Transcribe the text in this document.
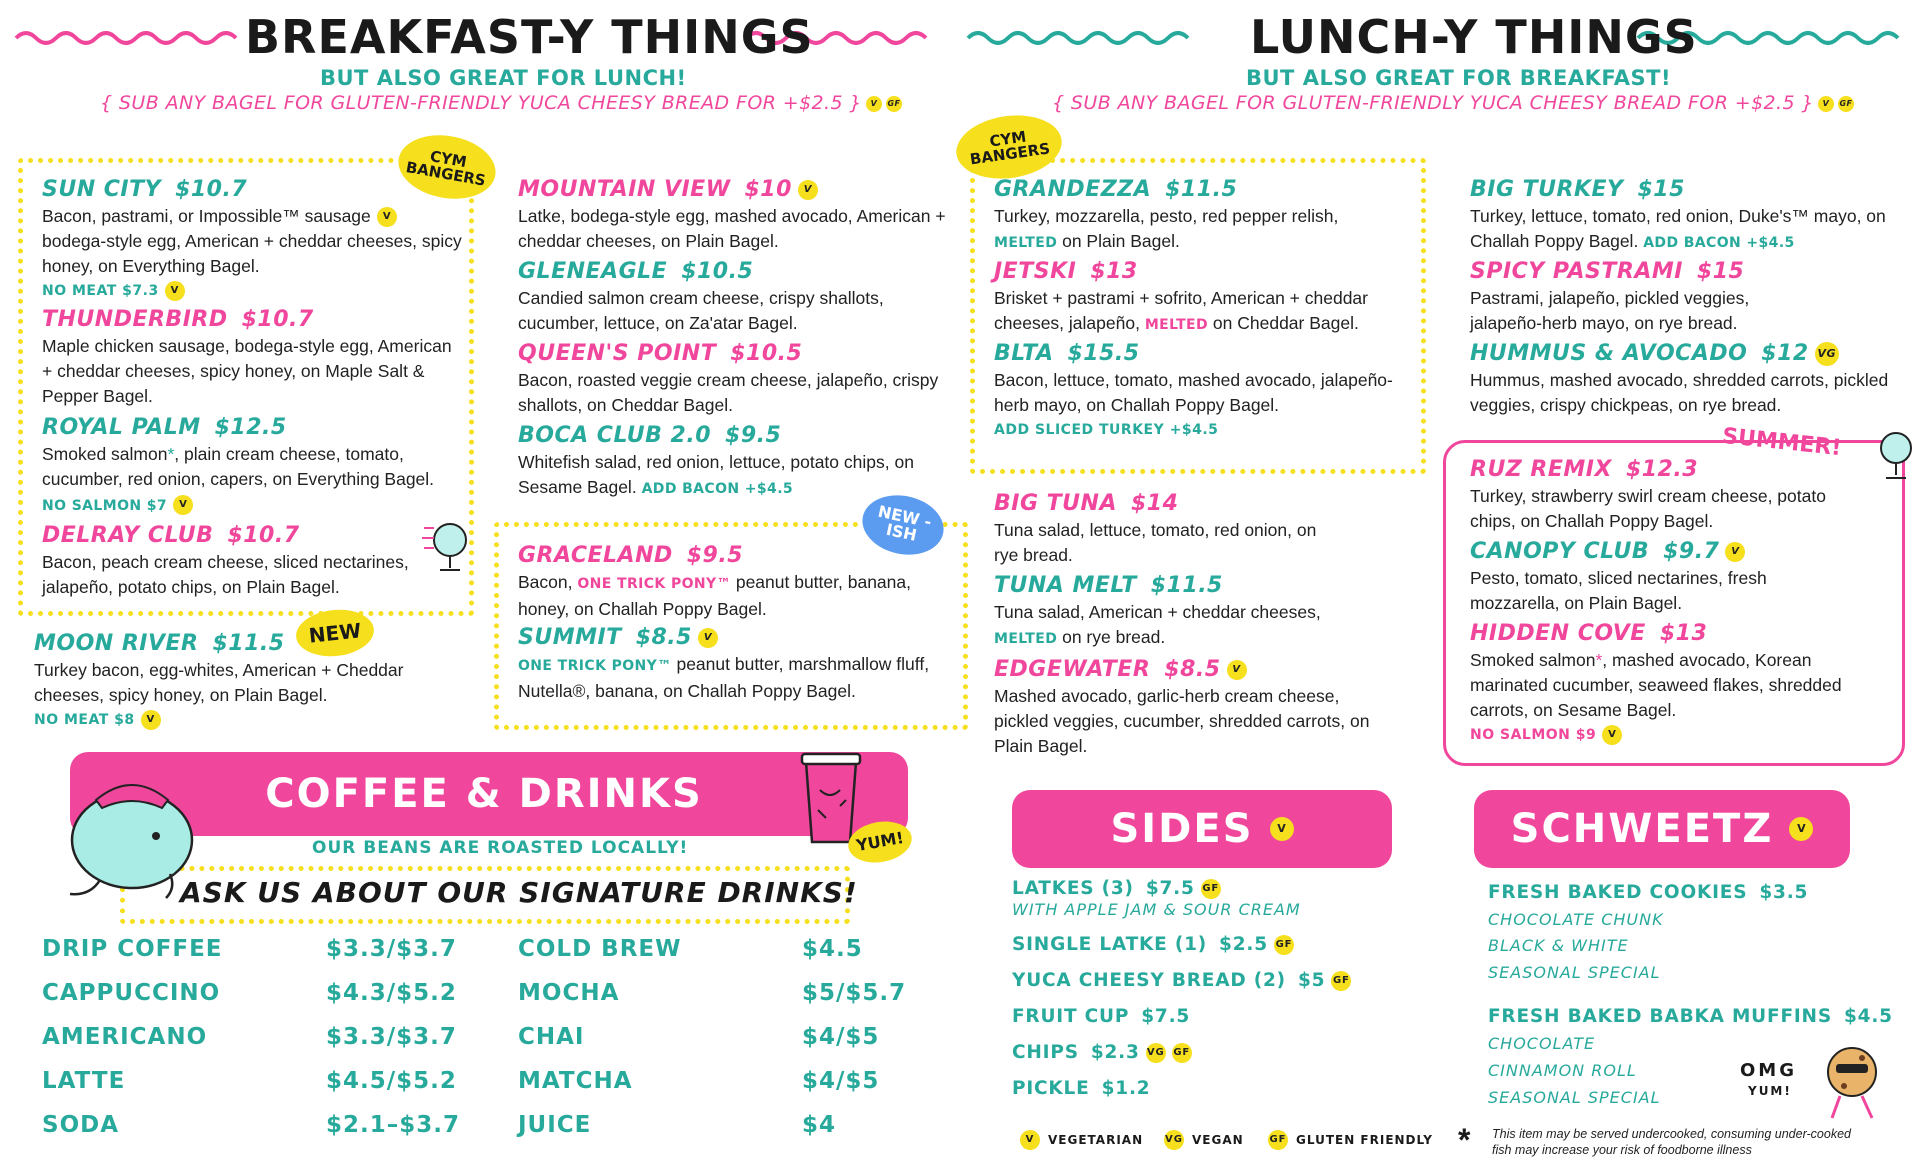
BREAKFAST-Y THINGS
BUT ALSO GREAT FOR LUNCH!
{ SUB ANY BAGEL FOR GLUTEN-FRIENDLY YUCA CHEESY BREAD FOR +$2.5 } V GF
LUNCH-Y THINGS
BUT ALSO GREAT FOR BREAKFAST!
{ SUB ANY BAGEL FOR GLUTEN-FRIENDLY YUCA CHEESY BREAD FOR +$2.5 } V GF
CYM BANGERS
CYM BANGERS
NEW
NEW -ISH
SUMMER!
SUN CITY $10.7
Bacon, pastrami, or Impossible™ sausage V
bodega-style egg, American + cheddar cheeses, spicy honey, on Everything Bagel.
NO MEAT $7.3 V
THUNDERBIRD $10.7
Maple chicken sausage, bodega-style egg, American + cheddar cheeses, spicy honey, on Maple Salt & Pepper Bagel.
ROYAL PALM $12.5
Smoked salmon*, plain cream cheese, tomato, cucumber, red onion, capers, on Everything Bagel. NO SALMON $7 V
DELRAY CLUB $10.7
Bacon, peach cream cheese, sliced nectarines, jalapeño, potato chips, on Plain Bagel.
MOON RIVER $11.5
Turkey bacon, egg-whites, American + Cheddar cheeses, spicy honey, on Plain Bagel.
NO MEAT $8 V
MOUNTAIN VIEW $10 V
Latke, bodega-style egg, mashed avocado, American + cheddar cheeses, on Plain Bagel.
GLENEAGLE $10.5
Candied salmon cream cheese, crispy shallots, cucumber, lettuce, on Za'atar Bagel.
QUEEN'S POINT $10.5
Bacon, roasted veggie cream cheese, jalapeño, crispy shallots, on Cheddar Bagel.
BOCA CLUB 2.0 $9.5
Whitefish salad, red onion, lettuce, potato chips, on Sesame Bagel. ADD BACON +$4.5
GRACELAND $9.5
Bacon, ONE TRICK PONY™ peanut butter, banana, honey, on Challah Poppy Bagel.
SUMMIT $8.5 V
ONE TRICK PONY™ peanut butter, marshmallow fluff, Nutella®, banana, on Challah Poppy Bagel.
GRANDEZZA $11.5
Turkey, mozzarella, pesto, red pepper relish,
MELTED on Plain Bagel.
JETSKI $13
Brisket + pastrami + sofrito, American + cheddar cheeses, jalapeño, MELTED on Cheddar Bagel.
BLTA $15.5
Bacon, lettuce, tomato, mashed avocado, jalapeño-herb mayo, on Challah Poppy Bagel.
ADD SLICED TURKEY +$4.5
BIG TUNA $14
Tuna salad, lettuce, tomato, red onion, on rye bread.
TUNA MELT $11.5
Tuna salad, American + cheddar cheeses,
MELTED on rye bread.
EDGEWATER $8.5 V
Mashed avocado, garlic-herb cream cheese, pickled veggies, cucumber, shredded carrots, on Plain Bagel.
BIG TURKEY $15
Turkey, lettuce, tomato, red onion, Duke's™ mayo, on Challah Poppy Bagel. ADD BACON +$4.5
SPICY PASTRAMI $15
Pastrami, jalapeño, pickled veggies, jalapeño-herb mayo, on rye bread.
HUMMUS & AVOCADO $12 VG
Hummus, mashed avocado, shredded carrots, pickled veggies, crispy chickpeas, on rye bread.
RUZ REMIX $12.3
Turkey, strawberry swirl cream cheese, potato chips, on Challah Poppy Bagel.
CANOPY CLUB $9.7 V
Pesto, tomato, sliced nectarines, fresh mozzarella, on Plain Bagel.
HIDDEN COVE $13
Smoked salmon*, mashed avocado, Korean marinated cucumber, seaweed flakes, shredded carrots, on Sesame Bagel.
NO SALMON $9 V
COFFEE & DRINKS
OUR BEANS ARE ROASTED LOCALLY!
ASK US ABOUT OUR SIGNATURE DRINKS!
YUM!
DRIP COFFEE	$3.3/$3.7
CAPPUCCINO	$4.3/$5.2
AMERICANO	$3.3/$3.7
LATTE	$4.5/$5.2
SODA	$2.1–$3.7
COLD BREW	$4.5
MOCHA	$5/$5.7
CHAI	$4/$5
MATCHA	$4/$5
JUICE	$4
SIDES	V
LATKES (3) $7.5 GF
WITH APPLE JAM & SOUR CREAM
SINGLE LATKE (1) $2.5 GF
YUCA CHEESY BREAD (2) $5 GF
FRUIT CUP $7.5
CHIPS $2.3 VG GF
PICKLE $1.2
SCHWEETZ	V
FRESH BAKED COOKIES $3.5
CHOCOLATE CHUNK
BLACK & WHITE
SEASONAL SPECIAL
FRESH BAKED BABKA MUFFINS $4.5
CHOCOLATE
CINNAMON ROLL
SEASONAL SPECIAL
OMG
YUM!
V	VEGETARIAN VG VEGAN	GF GLUTEN FRIENDLY * This item may be served undercooked, consuming under-cooked
fish may increase your risk of foodborne illness
